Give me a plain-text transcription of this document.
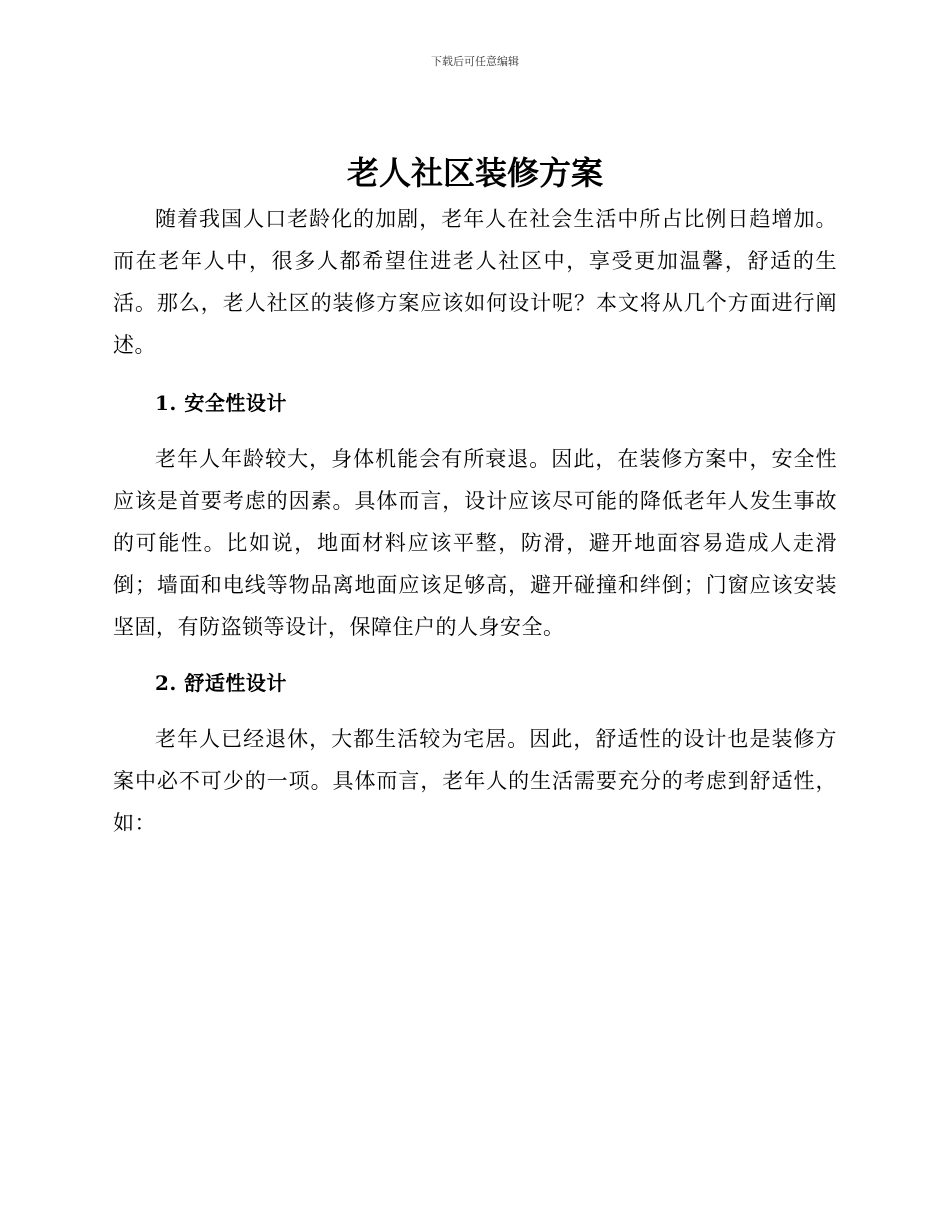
下载后可任意编辑
老人社区装修方案

随着我国人口老龄化的加剧，老年人在社会生活中所占比例日趋增加。而在老年人中，很多人都希望住进老人社区中，享受更加温馨，舒适的生活。那么，老人社区的装修方案应该如何设计呢？本文将从几个方面进行阐述。

1. 安全性设计

老年人年龄较大，身体机能会有所衰退。因此，在装修方案中，安全性应该是首要考虑的因素。具体而言，设计应该尽可能的降低老年人发生事故的可能性。比如说，地面材料应该平整，防滑，避开地面容易造成人走滑倒；墙面和电线等物品离地面应该足够高，避开碰撞和绊倒；门窗应该安装坚固，有防盗锁等设计，保障住户的人身安全。

2. 舒适性设计

老年人已经退休，大都生活较为宅居。因此，舒适性的设计也是装修方案中必不可少的一项。具体而言，老年人的生活需要充分的考虑到舒适性，如：
